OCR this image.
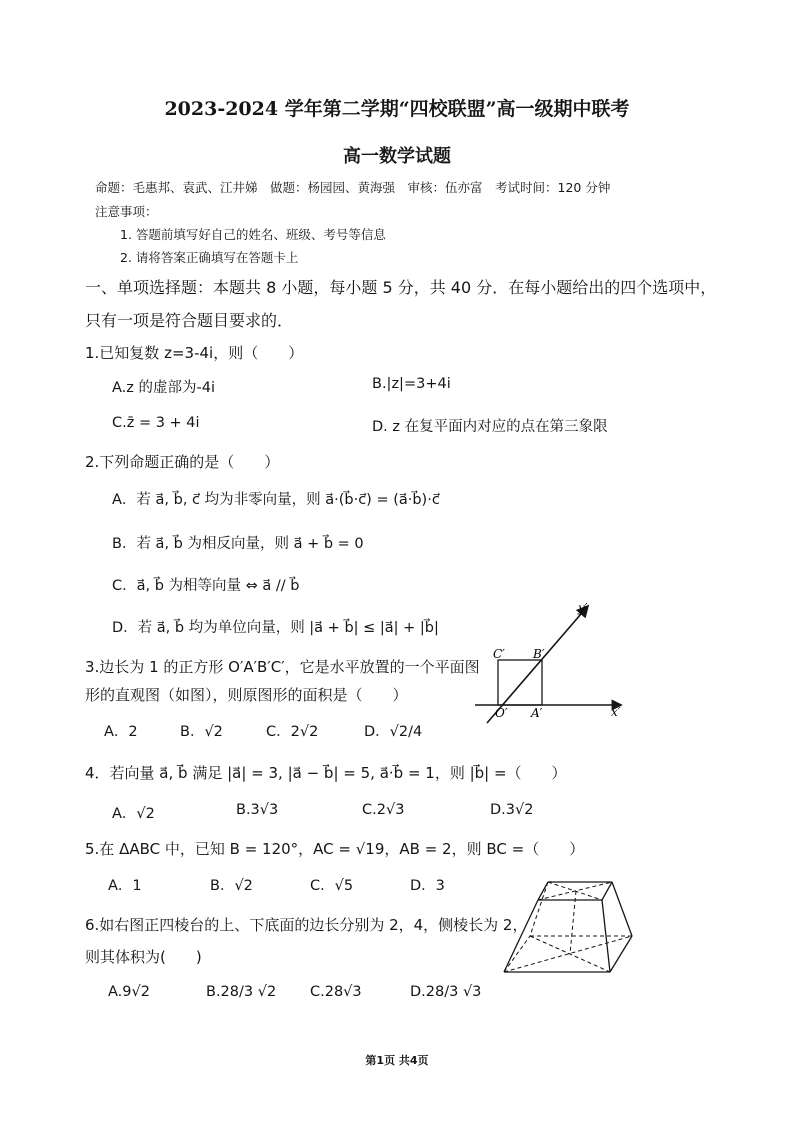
2023-2024 学年第二学期“四校联盟”高一级期中联考
高一数学试题
命题：毛惠邦、袁武、江井娣　做题：杨园园、黄海强　审核：伍亦富　考试时间：120 分钟
注意事项：
1. 答题前填写好自己的姓名、班级、考号等信息
2. 请将答案正确填写在答题卡上
一、单项选择题：本题共 8 小题，每小题 5 分，共 40 分．在每小题给出的四个选项中，
只有一项是符合题目要求的．
1.已知复数 z=3-4i，则（　　）
A.z 的虚部为-4i	B.|z|=3+4i
C.z̄ = 3 + 4i	D. z 在复平面内对应的点在第三象限
2.下列命题正确的是（　　）
A．若 a⃗, b⃗, c⃗ 均为非零向量，则 a⃗·(b⃗·c⃗) = (a⃗·b⃗)·c⃗
B．若 a⃗, b⃗ 为相反向量，则 a⃗ + b⃗ = 0
C．a⃗, b⃗ 为相等向量 ⇔ a⃗ // b⃗
D．若 a⃗, b⃗ 均为单位向量，则 |a⃗ + b⃗| ≤ |a⃗| + |b⃗|
3.边长为 1 的正方形 O′A′B′C′，它是水平放置的一个平面图
形的直观图（如图），则原图形的面积是（　　）
A．2	B．√2	C．2√2	D．√2/4
y′
x′
O′ A′
B′
C′
4．若向量 a⃗, b⃗ 满足 |a⃗| = 3, |a⃗ − b⃗| = 5, a⃗·b⃗ = 1，则 |b⃗| =（　　）
A．√2	B.3√3	C.2√3	D.3√2
5.在 ΔABC 中，已知 B = 120°，AC = √19，AB = 2，则 BC =（　　）
A．1	B．√2	C．√5	D．3
6.如右图正四棱台的上、下底面的边长分别为 2，4，侧棱长为 2，
则其体积为(　　)
A.9√2	B.28/3 √2 C.28√3	D.28/3 √3
第1页 共4页
